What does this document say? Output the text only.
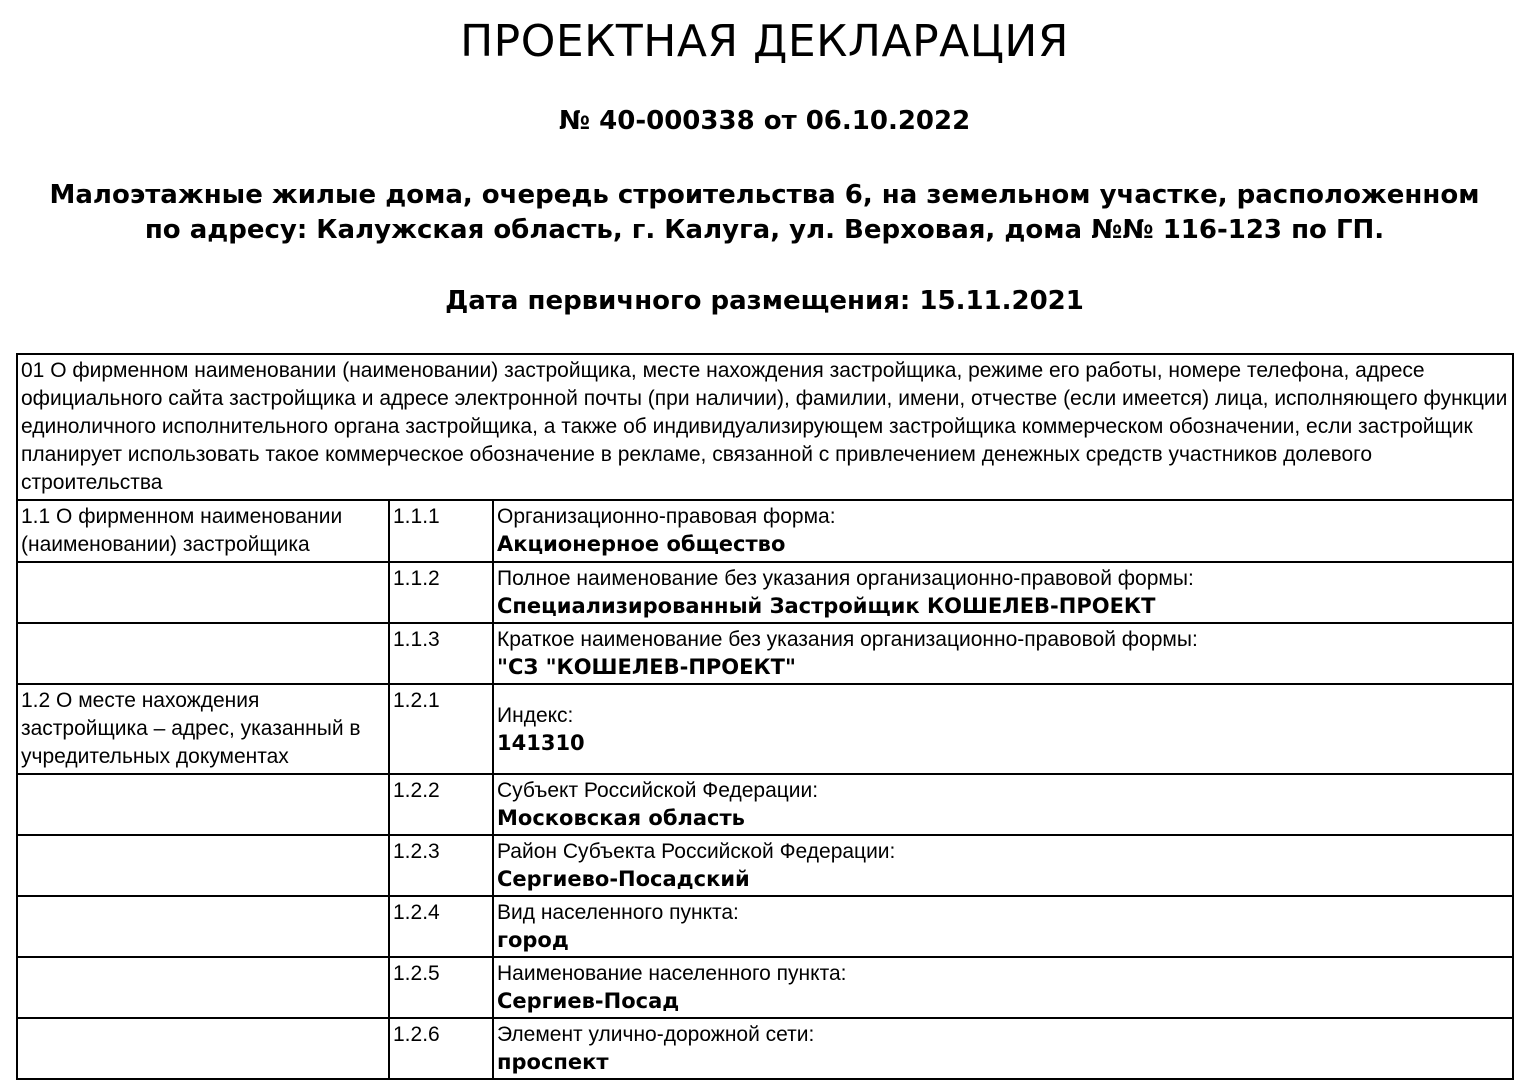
ПРОЕКТНАЯ ДЕКЛАРАЦИЯ
№ 40-000338 от 06.10.2022
Малоэтажные жилые дома, очередь строительства 6, на земельном участке, расположенном по адресу: Калужская область, г. Калуга, ул. Верховая, дома №№ 116-123 по ГП.
Дата первичного размещения: 15.11.2021
01 О фирменном наименовании (наименовании) застройщика, месте нахождения застройщика, режиме его работы, номере телефона, адресе официального сайта застройщика и адресе электронной почты (при наличии), фамилии, имени, отчестве (если имеется) лица, исполняющего функции единоличного исполнительного органа застройщика, а также об индивидуализирующем застройщика коммерческом обозначении, если застройщик планирует использовать такое коммерческое обозначение в рекламе, связанной с привлечением денежных средств участников долевого строительства		
1.1 О фирменном наименовании (наименовании) застройщика	1.1.1	Организационно-правовая форма:
Акционерное общество

	1.1.2	Полное наименование без указания организационно-правовой формы:
Специализированный Застройщик КОШЕЛЕВ-ПРОЕКТ

	1.1.3	Краткое наименование без указания организационно-правовой формы:
"СЗ "КОШЕЛЕВ-ПРОЕКТ"

1.2 О месте нахождения застройщика – адрес, указанный в учредительных документах	1.2.1	Индекс:
141310

	1.2.2	Субъект Российской Федерации:
Московская область

	1.2.3	Район Субъекта Российской Федерации:
Сергиево-Посадский

	1.2.4	Вид населенного пункта:
город

	1.2.5	Наименование населенного пункта:
Сергиев-Посад

	1.2.6	Элемент улично-дорожной сети:
проспект
